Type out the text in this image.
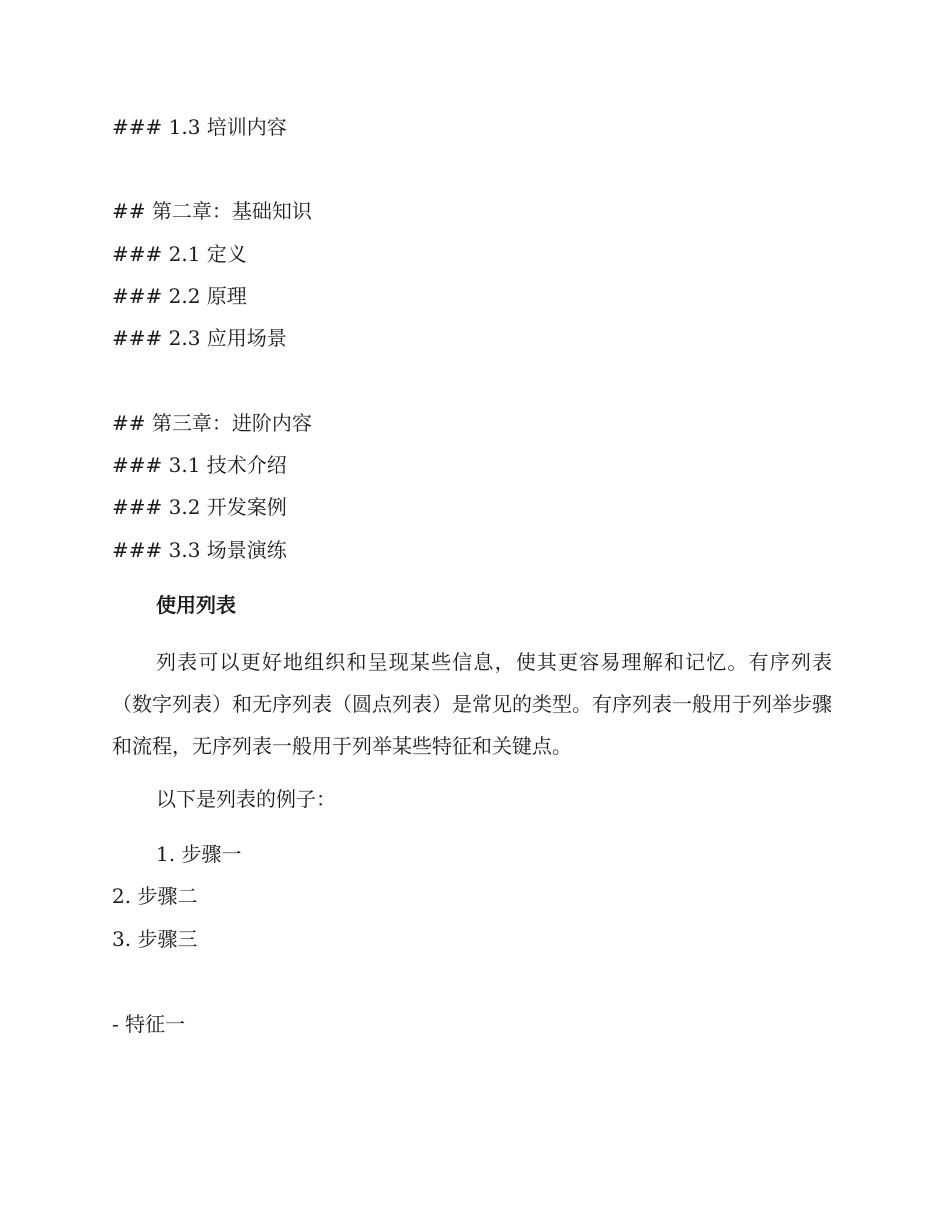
### 1.3 培训内容
## 第二章：基础知识
### 2.1 定义
### 2.2 原理
### 2.3 应用场景
## 第三章：进阶内容
### 3.1 技术介绍
### 3.2 开发案例
### 3.3 场景演练
使用列表
列表可以更好地组织和呈现某些信息，使其更容易理解和记忆。有序列表（数字列表）和无序列表（圆点列表）是常见的类型。有序列表一般用于列举步骤和流程，无序列表一般用于列举某些特征和关键点。
以下是列表的例子：
1. 步骤一
2. 步骤二
3. 步骤三
- 特征一
